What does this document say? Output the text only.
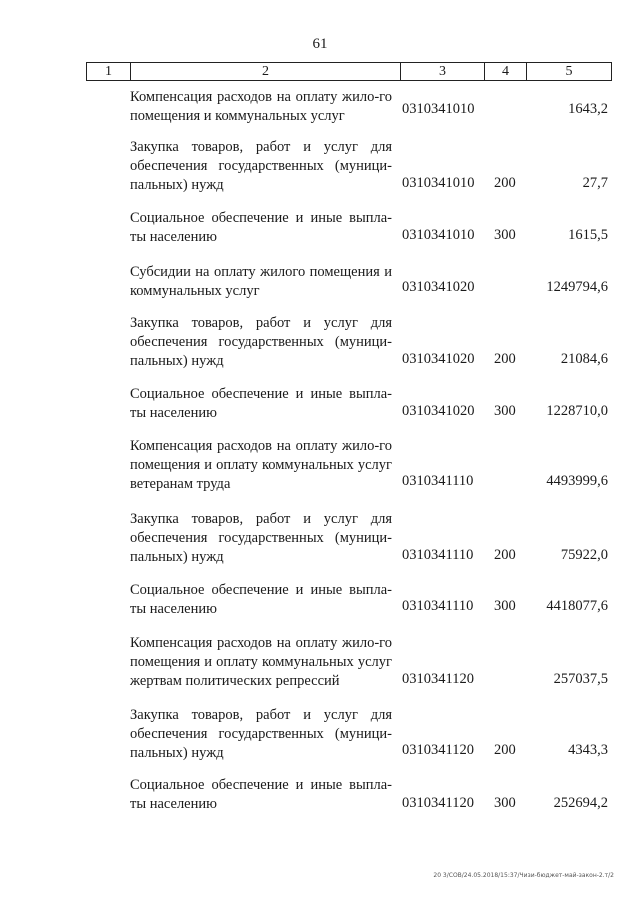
61
1	2	3	4	5
Компенсация расходов на оплату жило-го помещения и коммунальных услуг	0310341010	1643,2
Закупка товаров, работ и услуг для обеспечения государственных (муници-пальных) нужд	0310341010 200	27,7
Социальное обеспечение и иные выпла-ты населению	0310341010 300	1615,5
Субсидии на оплату жилого помещения и коммунальных услуг	0310341020	1249794,6
Закупка товаров, работ и услуг для обеспечения государственных (муници-пальных) нужд	0310341020 200	21084,6
Социальное обеспечение и иные выпла-ты населению	0310341020 300 1228710,0
Компенсация расходов на оплату жило-го помещения и оплату коммунальных услуг ветеранам труда	0310341110	4493999,6
Закупка товаров, работ и услуг для обеспечения государственных (муници-пальных) нужд	0310341110 200	75922,0
Социальное обеспечение и иные выпла-ты населению	0310341110 300 4418077,6
Компенсация расходов на оплату жило-го помещения и оплату коммунальных услуг жертвам политических репрессий	0310341120	257037,5
Закупка товаров, работ и услуг для обеспечения государственных (муници-пальных) нужд	0310341120 200	4343,3
Социальное обеспечение и иные выпла-ты населению	0310341120 300	252694,2
20 3/СОВ/24.05.2018/15:37/Чизи-бюджет-май-закон-2.т/2
